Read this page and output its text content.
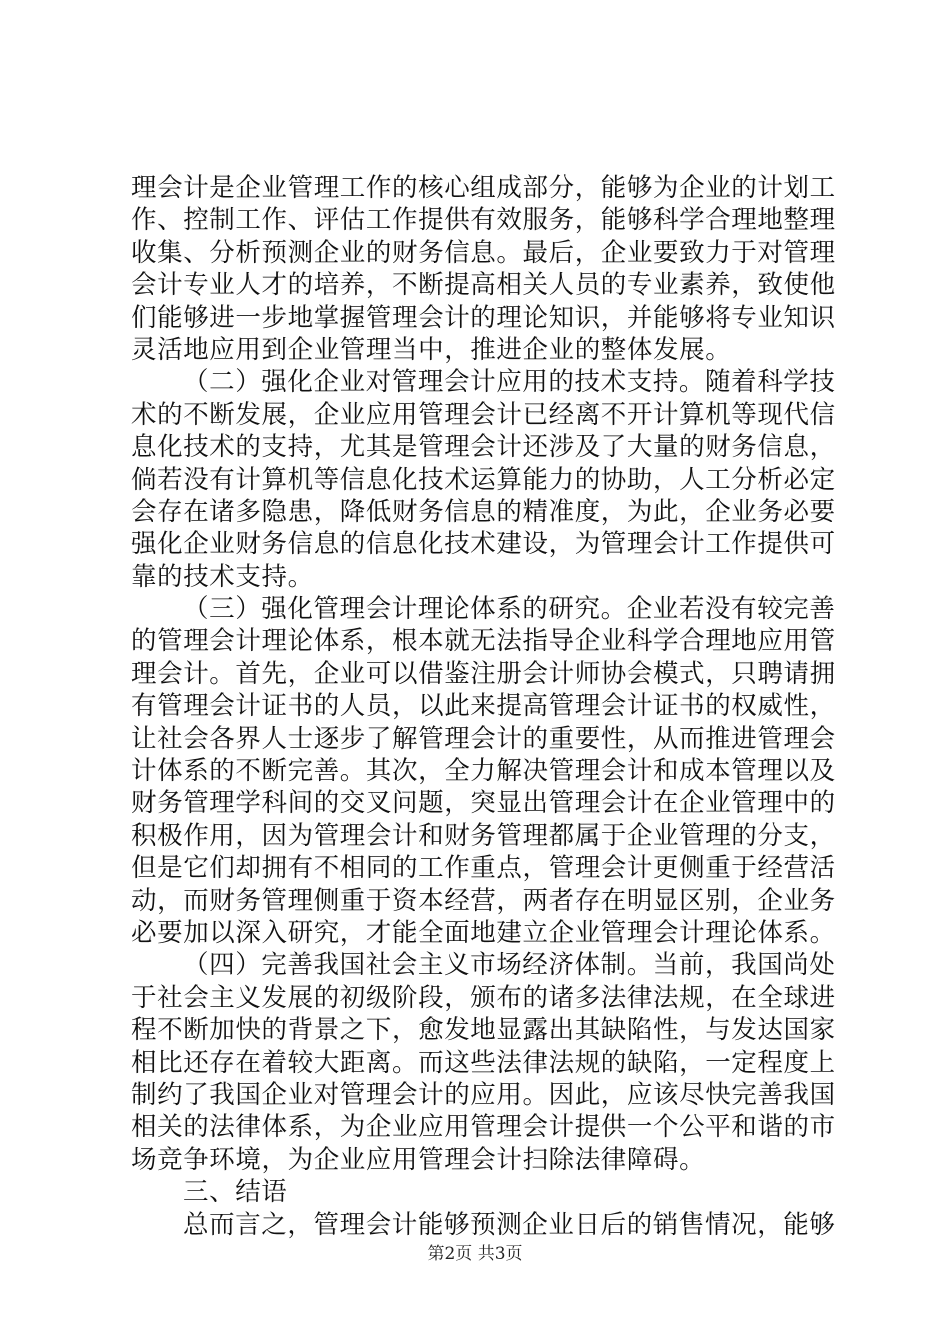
理会计是企业管理工作的核心组成部分，能够为企业的计划工
作、控制工作、评估工作提供有效服务，能够科学合理地整理
收集、分析预测企业的财务信息。最后，企业要致力于对管理
会计专业人才的培养，不断提高相关人员的专业素养，致使他
们能够进一步地掌握管理会计的理论知识，并能够将专业知识
灵活地应用到企业管理当中，推进企业的整体发展。
（二）强化企业对管理会计应用的技术支持。随着科学技
术的不断发展，企业应用管理会计已经离不开计算机等现代信
息化技术的支持，尤其是管理会计还涉及了大量的财务信息，
倘若没有计算机等信息化技术运算能力的协助，人工分析必定
会存在诸多隐患，降低财务信息的精准度，为此，企业务必要
强化企业财务信息的信息化技术建设，为管理会计工作提供可
靠的技术支持。
（三）强化管理会计理论体系的研究。企业若没有较完善
的管理会计理论体系，根本就无法指导企业科学合理地应用管
理会计。首先，企业可以借鉴注册会计师协会模式，只聘请拥
有管理会计证书的人员，以此来提高管理会计证书的权威性，
让社会各界人士逐步了解管理会计的重要性，从而推进管理会
计体系的不断完善。其次，全力解决管理会计和成本管理以及
财务管理学科间的交叉问题，突显出管理会计在企业管理中的
积极作用，因为管理会计和财务管理都属于企业管理的分支，
但是它们却拥有不相同的工作重点，管理会计更侧重于经营活
动，而财务管理侧重于资本经营，两者存在明显区别，企业务
必要加以深入研究，才能全面地建立企业管理会计理论体系。
（四）完善我国社会主义市场经济体制。当前，我国尚处
于社会主义发展的初级阶段，颁布的诸多法律法规，在全球进
程不断加快的背景之下，愈发地显露出其缺陷性，与发达国家
相比还存在着较大距离。而这些法律法规的缺陷，一定程度上
制约了我国企业对管理会计的应用。因此，应该尽快完善我国
相关的法律体系，为企业应用管理会计提供一个公平和谐的市
场竞争环境，为企业应用管理会计扫除法律障碍。
三、结语
总而言之，管理会计能够预测企业日后的销售情况，能够
第2页 共3页
